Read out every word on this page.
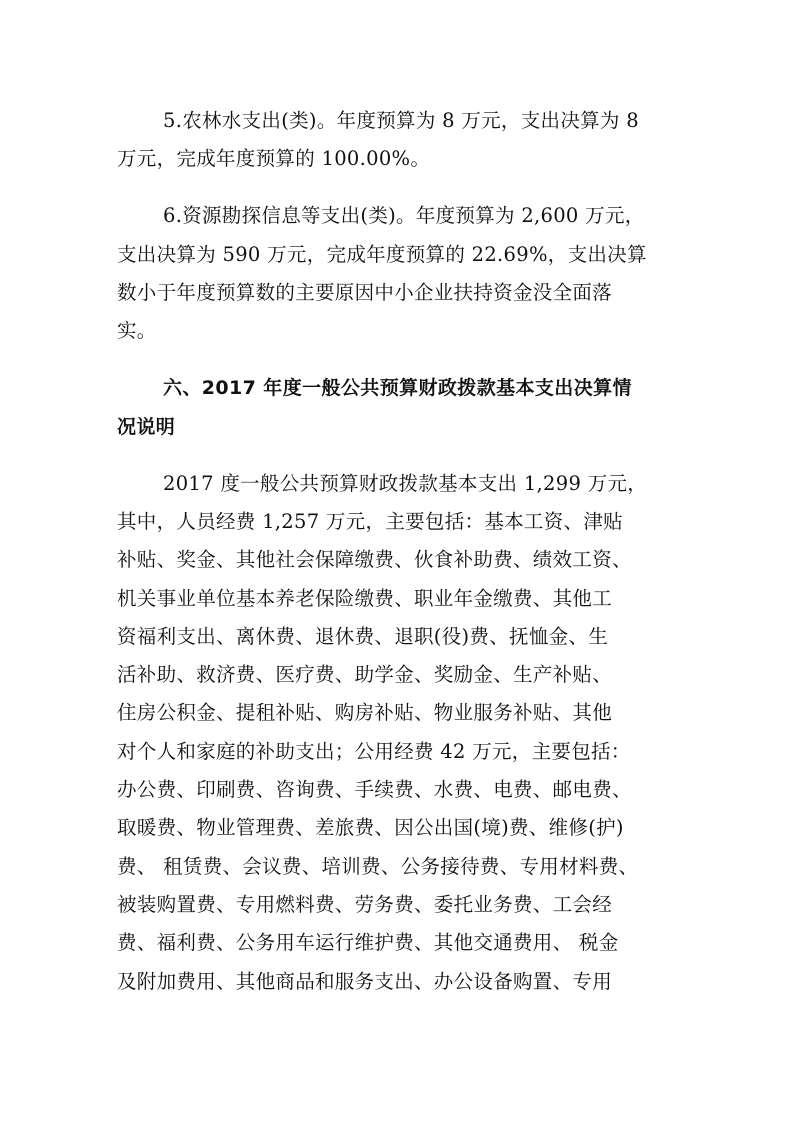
5.农林水支出(类)。年度预算为 8 万元，支出决算为 8
万元，完成年度预算的 100.00%。
6.资源勘探信息等支出(类)。年度预算为 2,600 万元，
支出决算为 590 万元，完成年度预算的 22.69%，支出决算
数小于年度预算数的主要原因中小企业扶持资金没全面落
实。
六、2017 年度一般公共预算财政拨款基本支出决算情
况说明
2017 度一般公共预算财政拨款基本支出 1,299 万元，
其中，人员经费 1,257 万元，主要包括：基本工资、津贴
补贴、奖金、其他社会保障缴费、伙食补助费、绩效工资、
机关事业单位基本养老保险缴费、职业年金缴费、其他工
资福利支出、离休费、退休费、退职(役)费、抚恤金、生
活补助、救济费、医疗费、助学金、奖励金、生产补贴、
住房公积金、提租补贴、购房补贴、物业服务补贴、其他
对个人和家庭的补助支出；公用经费 42 万元，主要包括：
办公费、印刷费、咨询费、手续费、水费、电费、邮电费、
取暖费、物业管理费、差旅费、因公出国(境)费、维修(护)
费、 租赁费、会议费、培训费、公务接待费、专用材料费、
被装购置费、专用燃料费、劳务费、委托业务费、工会经
费、福利费、公务用车运行维护费、其他交通费用、 税金
及附加费用、其他商品和服务支出、办公设备购置、专用
